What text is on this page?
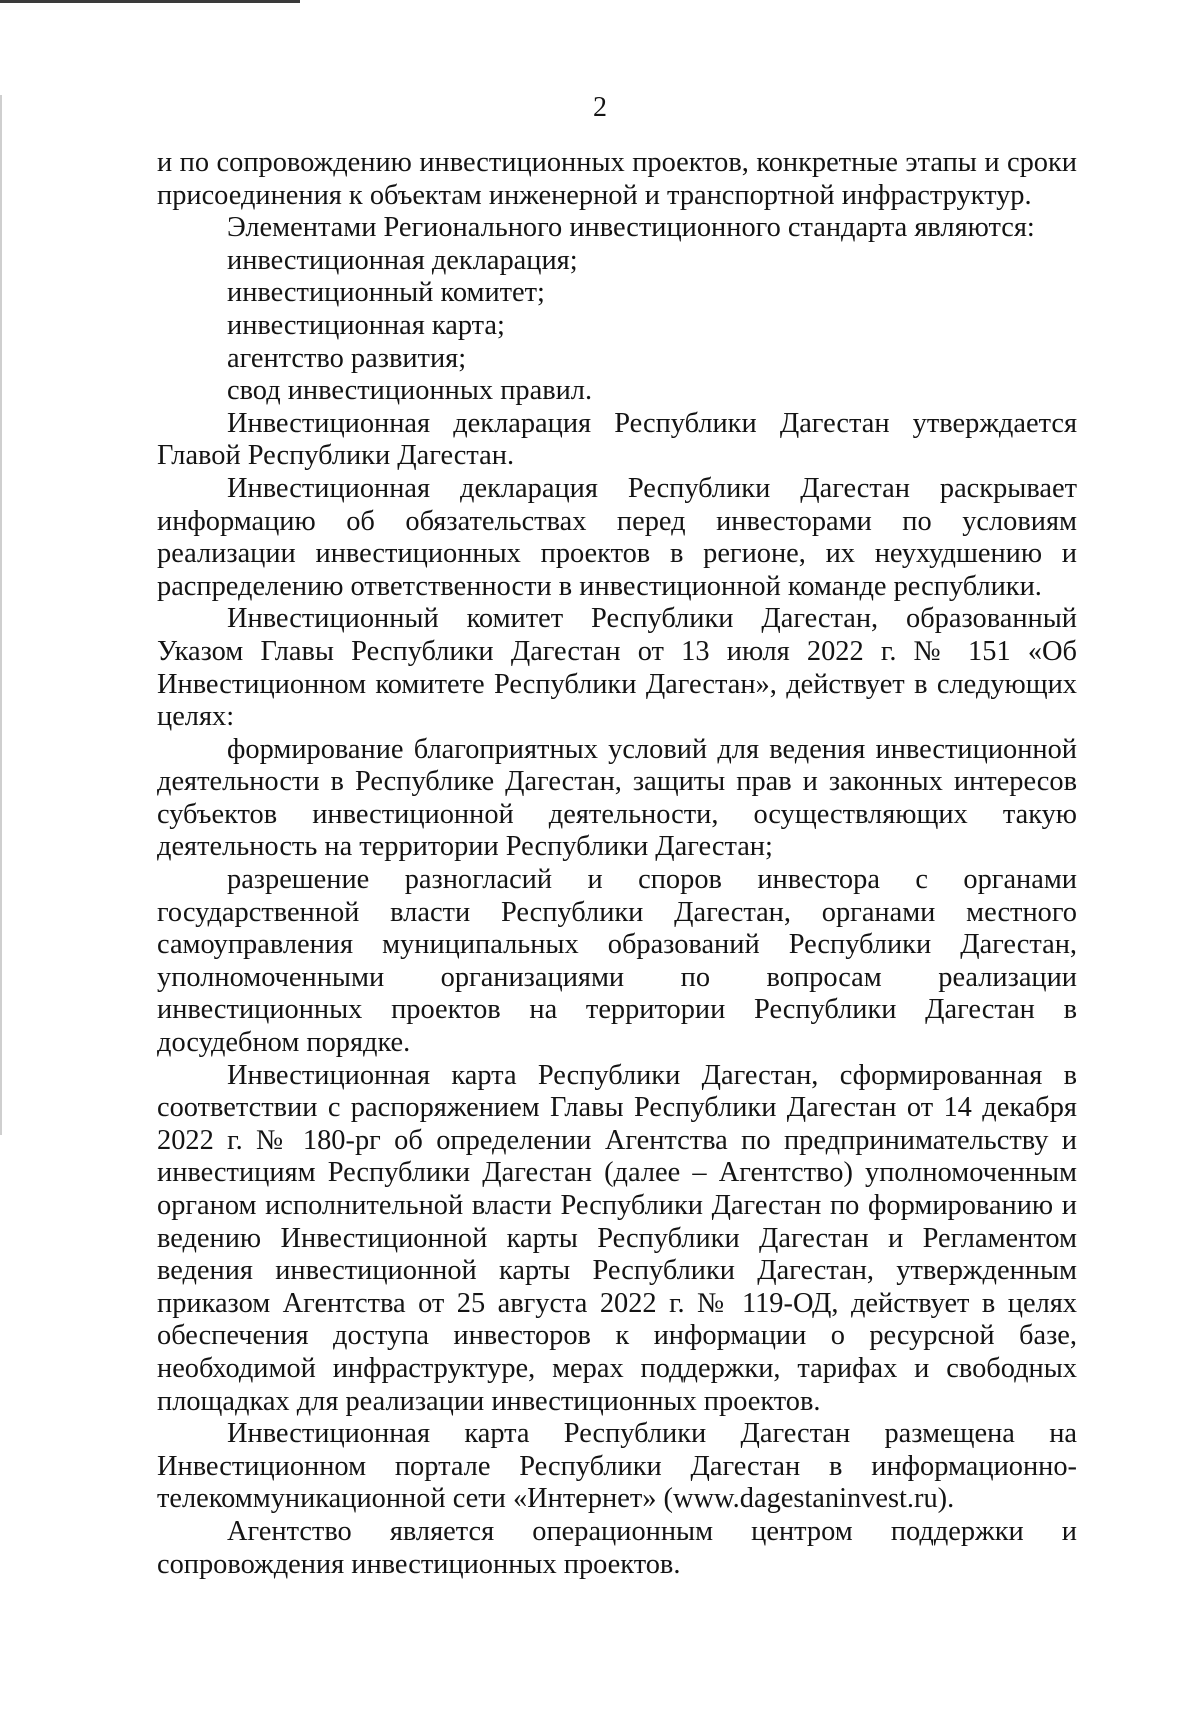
2

и по сопровождению инвестиционных проектов, конкретные этапы и сроки присоединения к объектам инженерной и транспортной инфраструктур.

Элементами Регионального инвестиционного стандарта являются:

инвестиционная декларация;

инвестиционный комитет;

инвестиционная карта;

агентство развития;

свод инвестиционных правил.

Инвестиционная декларация Республики Дагестан утверждается Главой Республики Дагестан.

Инвестиционная декларация Республики Дагестан раскрывает информацию об обязательствах перед инвесторами по условиям реализации инвестиционных проектов в регионе, их неухудшению и распределению ответственности в инвестиционной команде республики.

Инвестиционный комитет Республики Дагестан, образованный Указом Главы Республики Дагестан от 13 июля 2022 г. № 151 «Об Инвестиционном комитете Республики Дагестан», действует в следующих целях:

формирование благоприятных условий для ведения инвестиционной деятельности в Республике Дагестан, защиты прав и законных интересов субъектов инвестиционной деятельности, осуществляющих такую деятельность на территории Республики Дагестан;

разрешение разногласий и споров инвестора с органами государственной власти Республики Дагестан, органами местного самоуправления муниципальных образований Республики Дагестан, уполномоченными организациями по вопросам реализации инвестиционных проектов на территории Республики Дагестан в досудебном порядке.

Инвестиционная карта Республики Дагестан, сформированная в соответствии с распоряжением Главы Республики Дагестан от 14 декабря 2022 г. № 180-рг об определении Агентства по предпринимательству и инвестициям Республики Дагестан (далее – Агентство) уполномоченным органом исполнительной власти Республики Дагестан по формированию и ведению Инвестиционной карты Республики Дагестан и Регламентом ведения инвестиционной карты Республики Дагестан, утвержденным приказом Агентства от 25 августа 2022 г. № 119-ОД, действует в целях обеспечения доступа инвесторов к информации о ресурсной базе, необходимой инфраструктуре, мерах поддержки, тарифах и свободных площадках для реализации инвестиционных проектов.

Инвестиционная карта Республики Дагестан размещена на Инвестиционном портале Республики Дагестан в информационно-телекоммуникационной сети «Интернет» (www.dagestaninvest.ru).

Агентство является операционным центром поддержки и сопровождения инвестиционных проектов.
